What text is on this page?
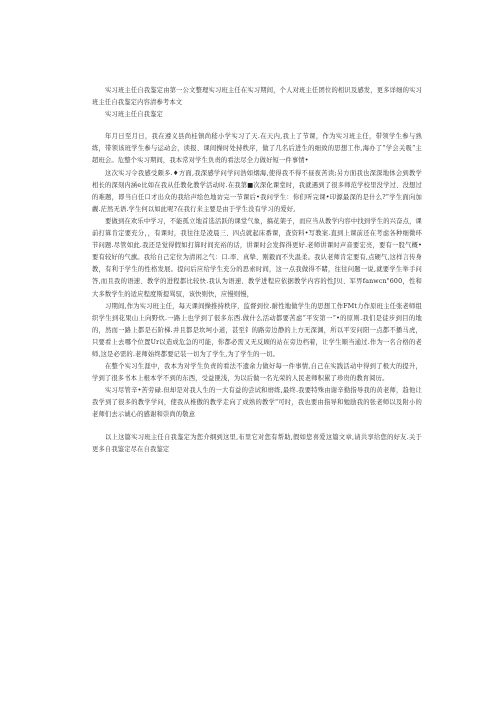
实习班主任自我鉴定由第一公文整理实习班主任在实习期间，个人对班主任团位的相识及感发，更多详细的实习班主任自我鉴定内容清参考本文

实习班主任自我鉴定

年月日至月日，我在遵义县尚桂镇尚嵇小学实习了天.在天内,我上了节课，作为实习班主任，带领学生参与熟练，带领该班学生参与运动会，读报、课间操时处持秩序，做了几名后进生的细致的思想工作,海办了”学会关吸“主超班会。危整个实习期间，我本常对学生负责的看法尽全力做好短一件事情•

这次实习令我感受颇多.♦方面,我深感学问学问浩如烟海,使得我不得不昼夜苦读;另方面我也深深地体会到教学相长的深刻内涵e比如在我从任教化教学活动时.在我第■次深化课堂时，我就遇到了很多师范学校里没学过、没想过的难题，即当自任口才出众的我给声绘色地访完一节课后•我问学生：你们听完课•印源最深的是什么?”学生面向加觑.茫然无语.学生何以如此呢?在我行来主要是由于学生没有学习的爱好,

要做到在欢乐中学习，不能孤立地首选活跃的课堂气象，搞花架子，而应当从教学内容中找到学生的兴奋点，课前打算肯定要充分，，有课时，我往往是凌晨三、四点就起床番课，查资料•写教案.直到上课前还在考虑各种细微环节问题.尽管如此.我还是觉得假如打算时间充裕的话，讲课时会发挥得更好.老师讲课时声音要宏亮，要有一股气概•要有较好的气旗。我给自己定位为清闲之气：口.率、真挚、刚毅而不失温柔。我认老师肯定要有,点硬气,这样言传身教，有利于学生的性格发展。提问后应给学生充分的思索时间，这一点我做得不睹，往往问题一说,就要学生举手问答,而且我的语速、教学的进程都比较快.我认为语速、教学进程应依据教学内容的性J贝、军畀fanwcn"600，性和大多数学生的适应程度斯提骂驭，该快则快，应慢则慢，

习期间,作为实习班主任，每天课间操推持秩序，监督到位.耐性地做学生的思想工作FMt力作原班主任张老师组织学生到花果山上向野炊.一路上也学到了很多东西.做什么活动都要苦虑“平安第一”•的原则.我们是徒步到目的地的，然而一路上都是石阶梯.并且都是坎坷小道，甚至⻐的路旁边静的上方无深渊，所以平安问阳一点都不播马虎，只要看上去哪个位置Ur以造成危急的可能，你都必需又无反顾的站在旁边档着，让学生顺当通过.作为一名合格的老师,这是必需的.老师始终都要记装一切为了学生,为了学生的一切。

在整个实习生涯中，我本为对学生负责的看法不遗余力做好每一件事情,自己在实践活动中得到了极大的提升，学到了很多书本上根本学不到的东西，受益匪浅，为以后做一名光荣的人民老师积累了珍贵的教育阅历。

实习尽管辛•苦劳碌.但却是对我人生的一大有益的尝试和磨练,最终.我要特殊由谢辛勤指导我的黄老师，趋他让我学到了很多的教学学问，使我从椎傲的教学走向了成熟的教学"可时，我也要由指导和勉励我的张老师以及附小的老师们去示诚心的感谢和崇尚的敬意

以上这篇实习班主任自我鉴定为您介纲到这里,布里它对您有帮助,假如您喜爱这篇文章,请共享给您的好友.关于更多自我鉴定尽在自我鉴定
